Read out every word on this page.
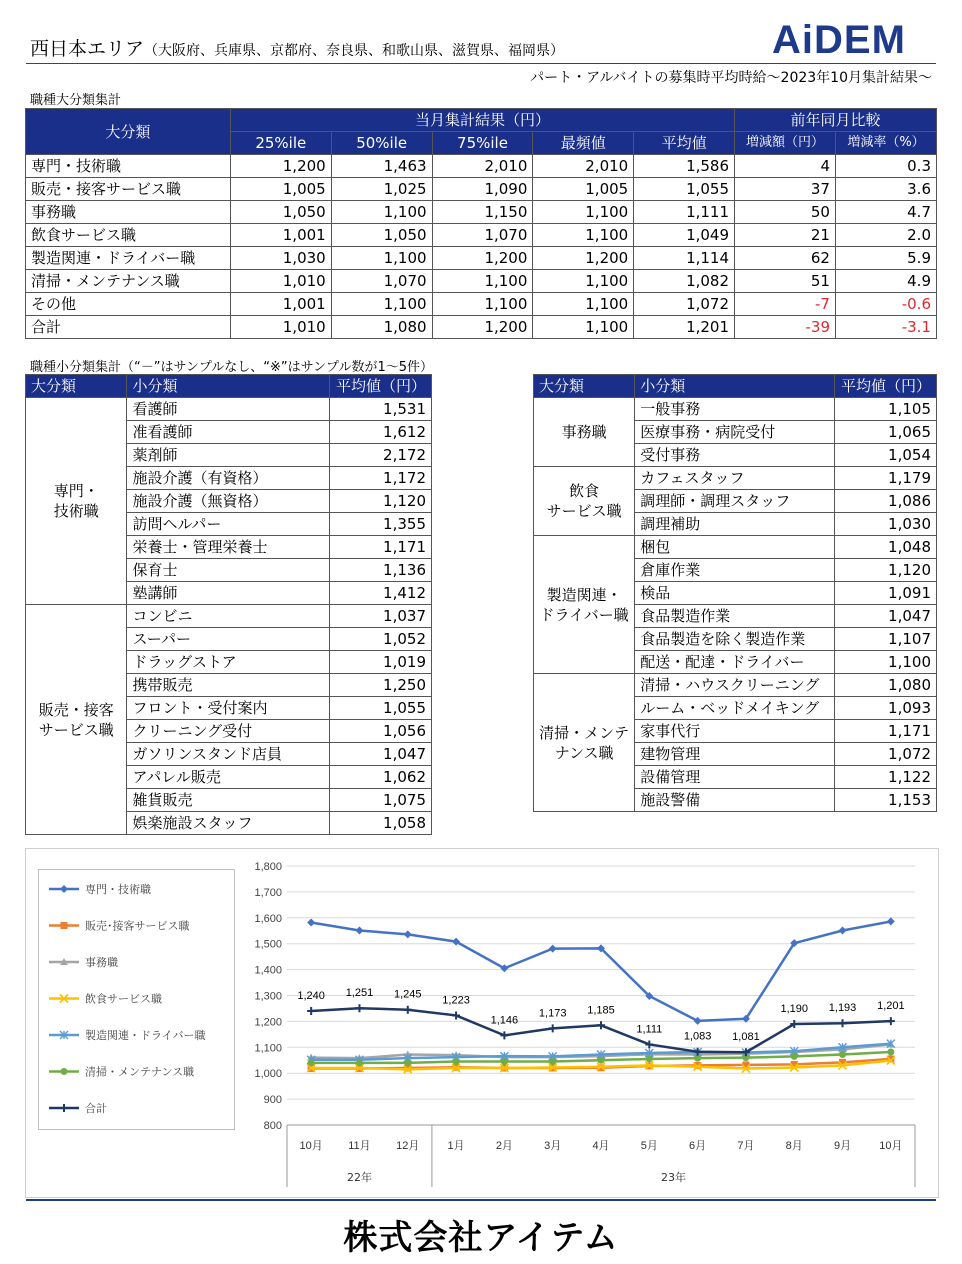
西日本エリア（大阪府、兵庫県、京都府、奈良県、和歌山県、滋賀県、福岡県）	AiDEM
パート・アルバイトの募集時平均時給～2023年10月集計結果～
職種大分類集計
大分類	当月集計結果（円）					前年同月比較	
	25%ile	50%ile	75%ile	最頻値	平均値	増減額（円）	増減率（%）
専門・技術職	1,200	1,463	2,010	2,010	1,586	4	0.3
販売・接客サービス職	1,005	1,025	1,090	1,005	1,055	37	3.6
事務職	1,050	1,100	1,150	1,100	1,111	50	4.7
飲食サービス職	1,001	1,050	1,070	1,100	1,049	21	2.0
製造関連・ドライバー職	1,030	1,100	1,200	1,200	1,114	62	5.9
清掃・メンテナンス職	1,010	1,070	1,100	1,100	1,082	51	4.9
その他	1,001	1,100	1,100	1,100	1,072	-7	-0.6
合計	1,010	1,080	1,200	1,100	1,201	-39	-3.1
職種小分類集計（“－”はサンプルなし、“※”はサンプル数が1～5件）
大分類	小分類	平均値（円）
専門・
技術職	看護師	1,531
	准看護師	1,612
	薬剤師	2,172
	施設介護（有資格）	1,172
	施設介護（無資格）	1,120
	訪問ヘルパー	1,355
	栄養士・管理栄養士	1,171
	保育士	1,136
	塾講師	1,412
販売・接客
サービス職	コンビニ	1,037
	スーパー	1,052
	ドラッグストア	1,019
	携帯販売	1,250
	フロント・受付案内	1,055
	クリーニング受付	1,056
	ガソリンスタンド店員	1,047
	アパレル販売	1,062
	雑貨販売	1,075
	娯楽施設スタッフ	1,058
大分類	小分類	平均値（円）
事務職	一般事務	1,105
	医療事務・病院受付	1,065
	受付事務	1,054
飲食
サービス職	カフェスタッフ	1,179
	調理師・調理スタッフ	1,086
	調理補助	1,030
製造関連・
ドライバー職	梱包	1,048
	倉庫作業	1,120
	検品	1,091
	食品製造作業	1,047
	食品製造を除く製造作業	1,107
	配送・配達・ドライバー	1,100
清掃・メンテ
ナンス職	清掃・ハウスクリーニング	1,080
	ルーム・ベッドメイキング	1,093
	家事代行	1,171
	建物管理	1,072
	設備管理	1,122
	施設警備	1,153
専門・技術職
販売･接客サービス職
事務職
飲食サービス職
製造関連・ドライバー職
清掃・メンテナンス職
合計
800
900
1,000
1,100
1,200
1,300
1,400
1,500
1,600
1,700
1,800
10月 11月 12月	1月	2月	3月	4月	5月	6月	7月	8月	9月	10月
22年	23年
1,240 1,251 1,245 1,223
1,146
1,173 1,185
1,111
1,083 1,081
1,190 1,193 1,201
株式会社アイテム
